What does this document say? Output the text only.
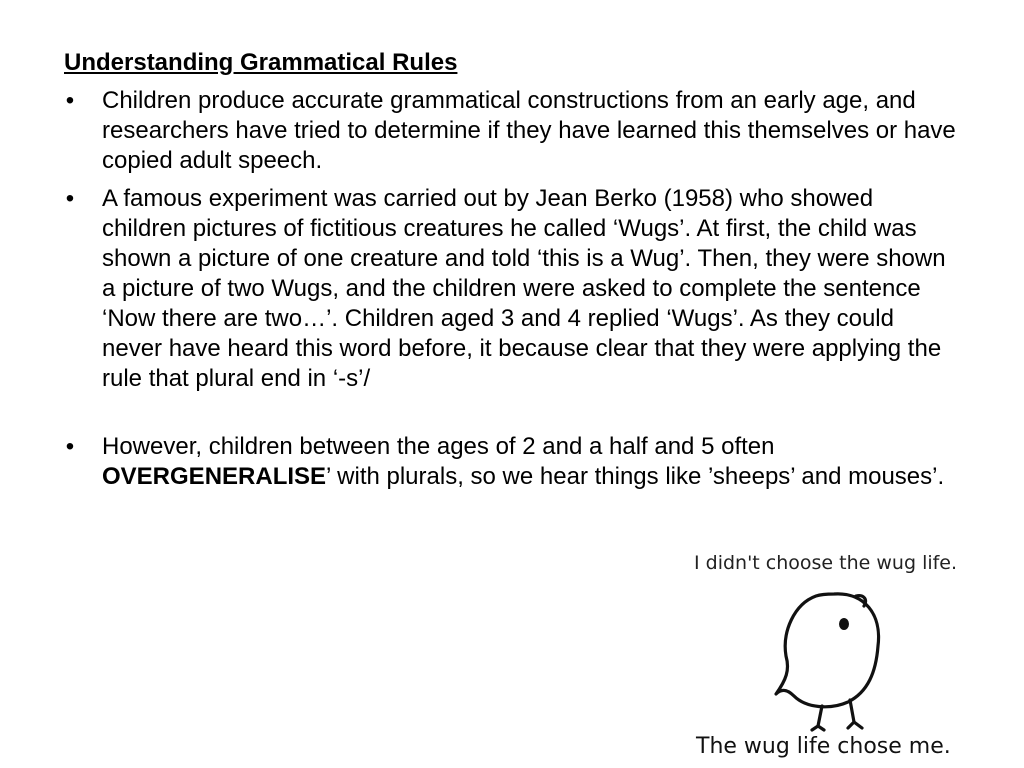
Understanding Grammatical Rules
• Children produce accurate grammatical constructions from an early age, and researchers have tried to determine if they have learned this themselves or have copied adult speech.
• A famous experiment was carried out by Jean Berko (1958) who showed children pictures of fictitious creatures he called ‘Wugs’. At first, the child was shown a picture of one creature and told ‘this is a Wug’. Then, they were shown a picture of two Wugs, and the children were asked to complete the sentence ‘Now there are two…’. Children aged 3 and 4 replied ‘Wugs’. As they could never have heard this word before, it because clear that they were applying the rule that plural end in ‘-s’/
• However, children between the ages of 2 and a half and 5 often OVERGENERALISE’ with plurals, so we hear things like ’sheeps’ and mouses’.
I didn't choose the wug life.
The wug life chose me.
